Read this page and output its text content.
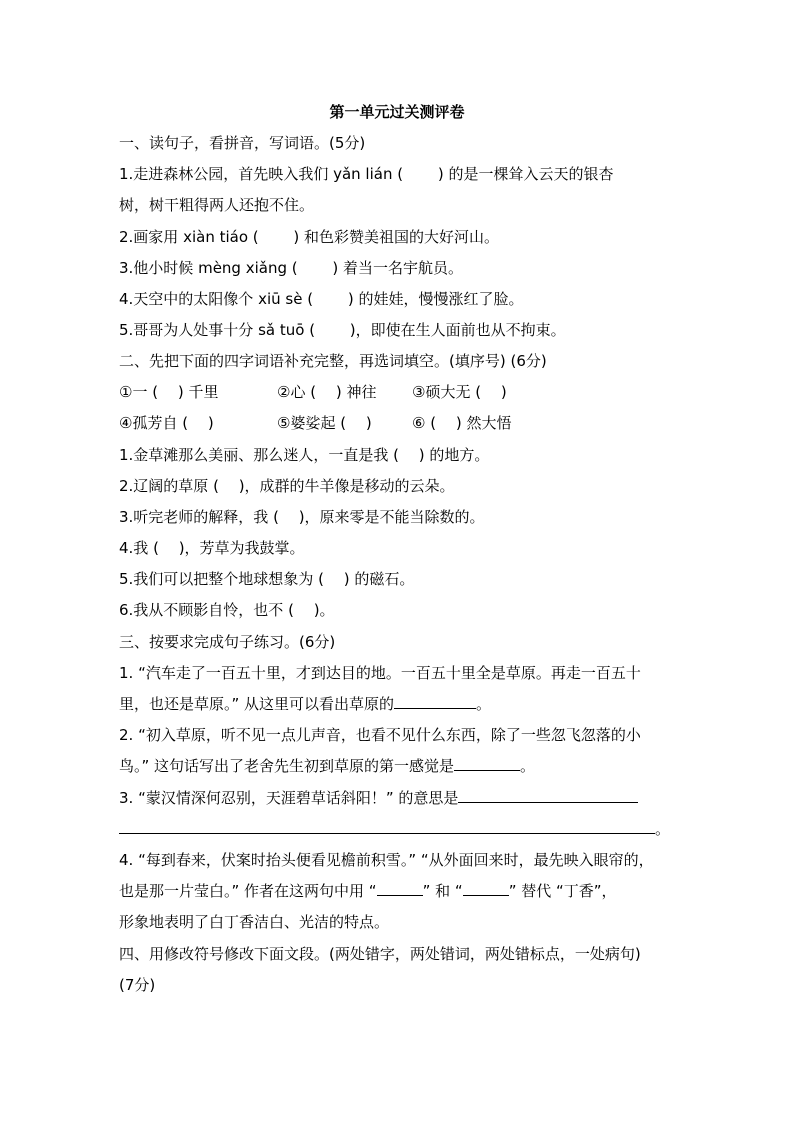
第一单元过关测评卷
一、读句子，看拼音，写词语。(5分)
1.走进森林公园，首先映入我们 yǎn lián (　　 ) 的是一棵耸入云天的银杏
树，树干粗得两人还抱不住。
2.画家用 xiàn tiáo (　　 ) 和色彩赞美祖国的大好河山。
3.他小时候 mèng xiǎng (　　 ) 着当一名宇航员。
4.天空中的太阳像个 xiū sè (　　 ) 的娃娃，慢慢涨红了脸。
5.哥哥为人处事十分 sǎ tuō (　　 )，即使在生人面前也从不拘束。
二、先把下面的四字词语补充完整，再选词填空。(填序号) (6分)
①一 (　 ) 千里	②心 (　 ) 神往 ③硕大无 (　 )
④孤芳自 (　 )	⑤婆娑起 (　 )	⑥ (　 ) 然大悟
1.金草滩那么美丽、那么迷人，一直是我 (　 ) 的地方。
2.辽阔的草原 (　 )，成群的牛羊像是移动的云朵。
3.听完老师的解释，我 (　 )，原来零是不能当除数的。
4.我 (　 )，芳草为我鼓掌。
5.我们可以把整个地球想象为 (　 ) 的磁石。
6.我从不顾影自怜，也不 (　 )。
三、按要求完成句子练习。(6分)
1. “汽车走了一百五十里，才到达目的地。一百五十里全是草原。再走一百五十
里，也还是草原。” 从这里可以看出草原的	。
2. “初入草原，听不见一点儿声音，也看不见什么东西，除了一些忽飞忽落的小
鸟。” 这句话写出了老舍先生初到草原的第一感觉是	。
3. “蒙汉情深何忍别，天涯碧草话斜阳！” 的意思是
。
4. “每到春来，伏案时抬头便看见檐前积雪。” “从外面回来时，最先映入眼帘的，
也是那一片莹白。” 作者在这两句中用 “	” 和 “	” 替代 “丁香”，
形象地表明了白丁香洁白、光洁的特点。
四、用修改符号修改下面文段。(两处错字，两处错词，两处错标点，一处病句)
(7分)
